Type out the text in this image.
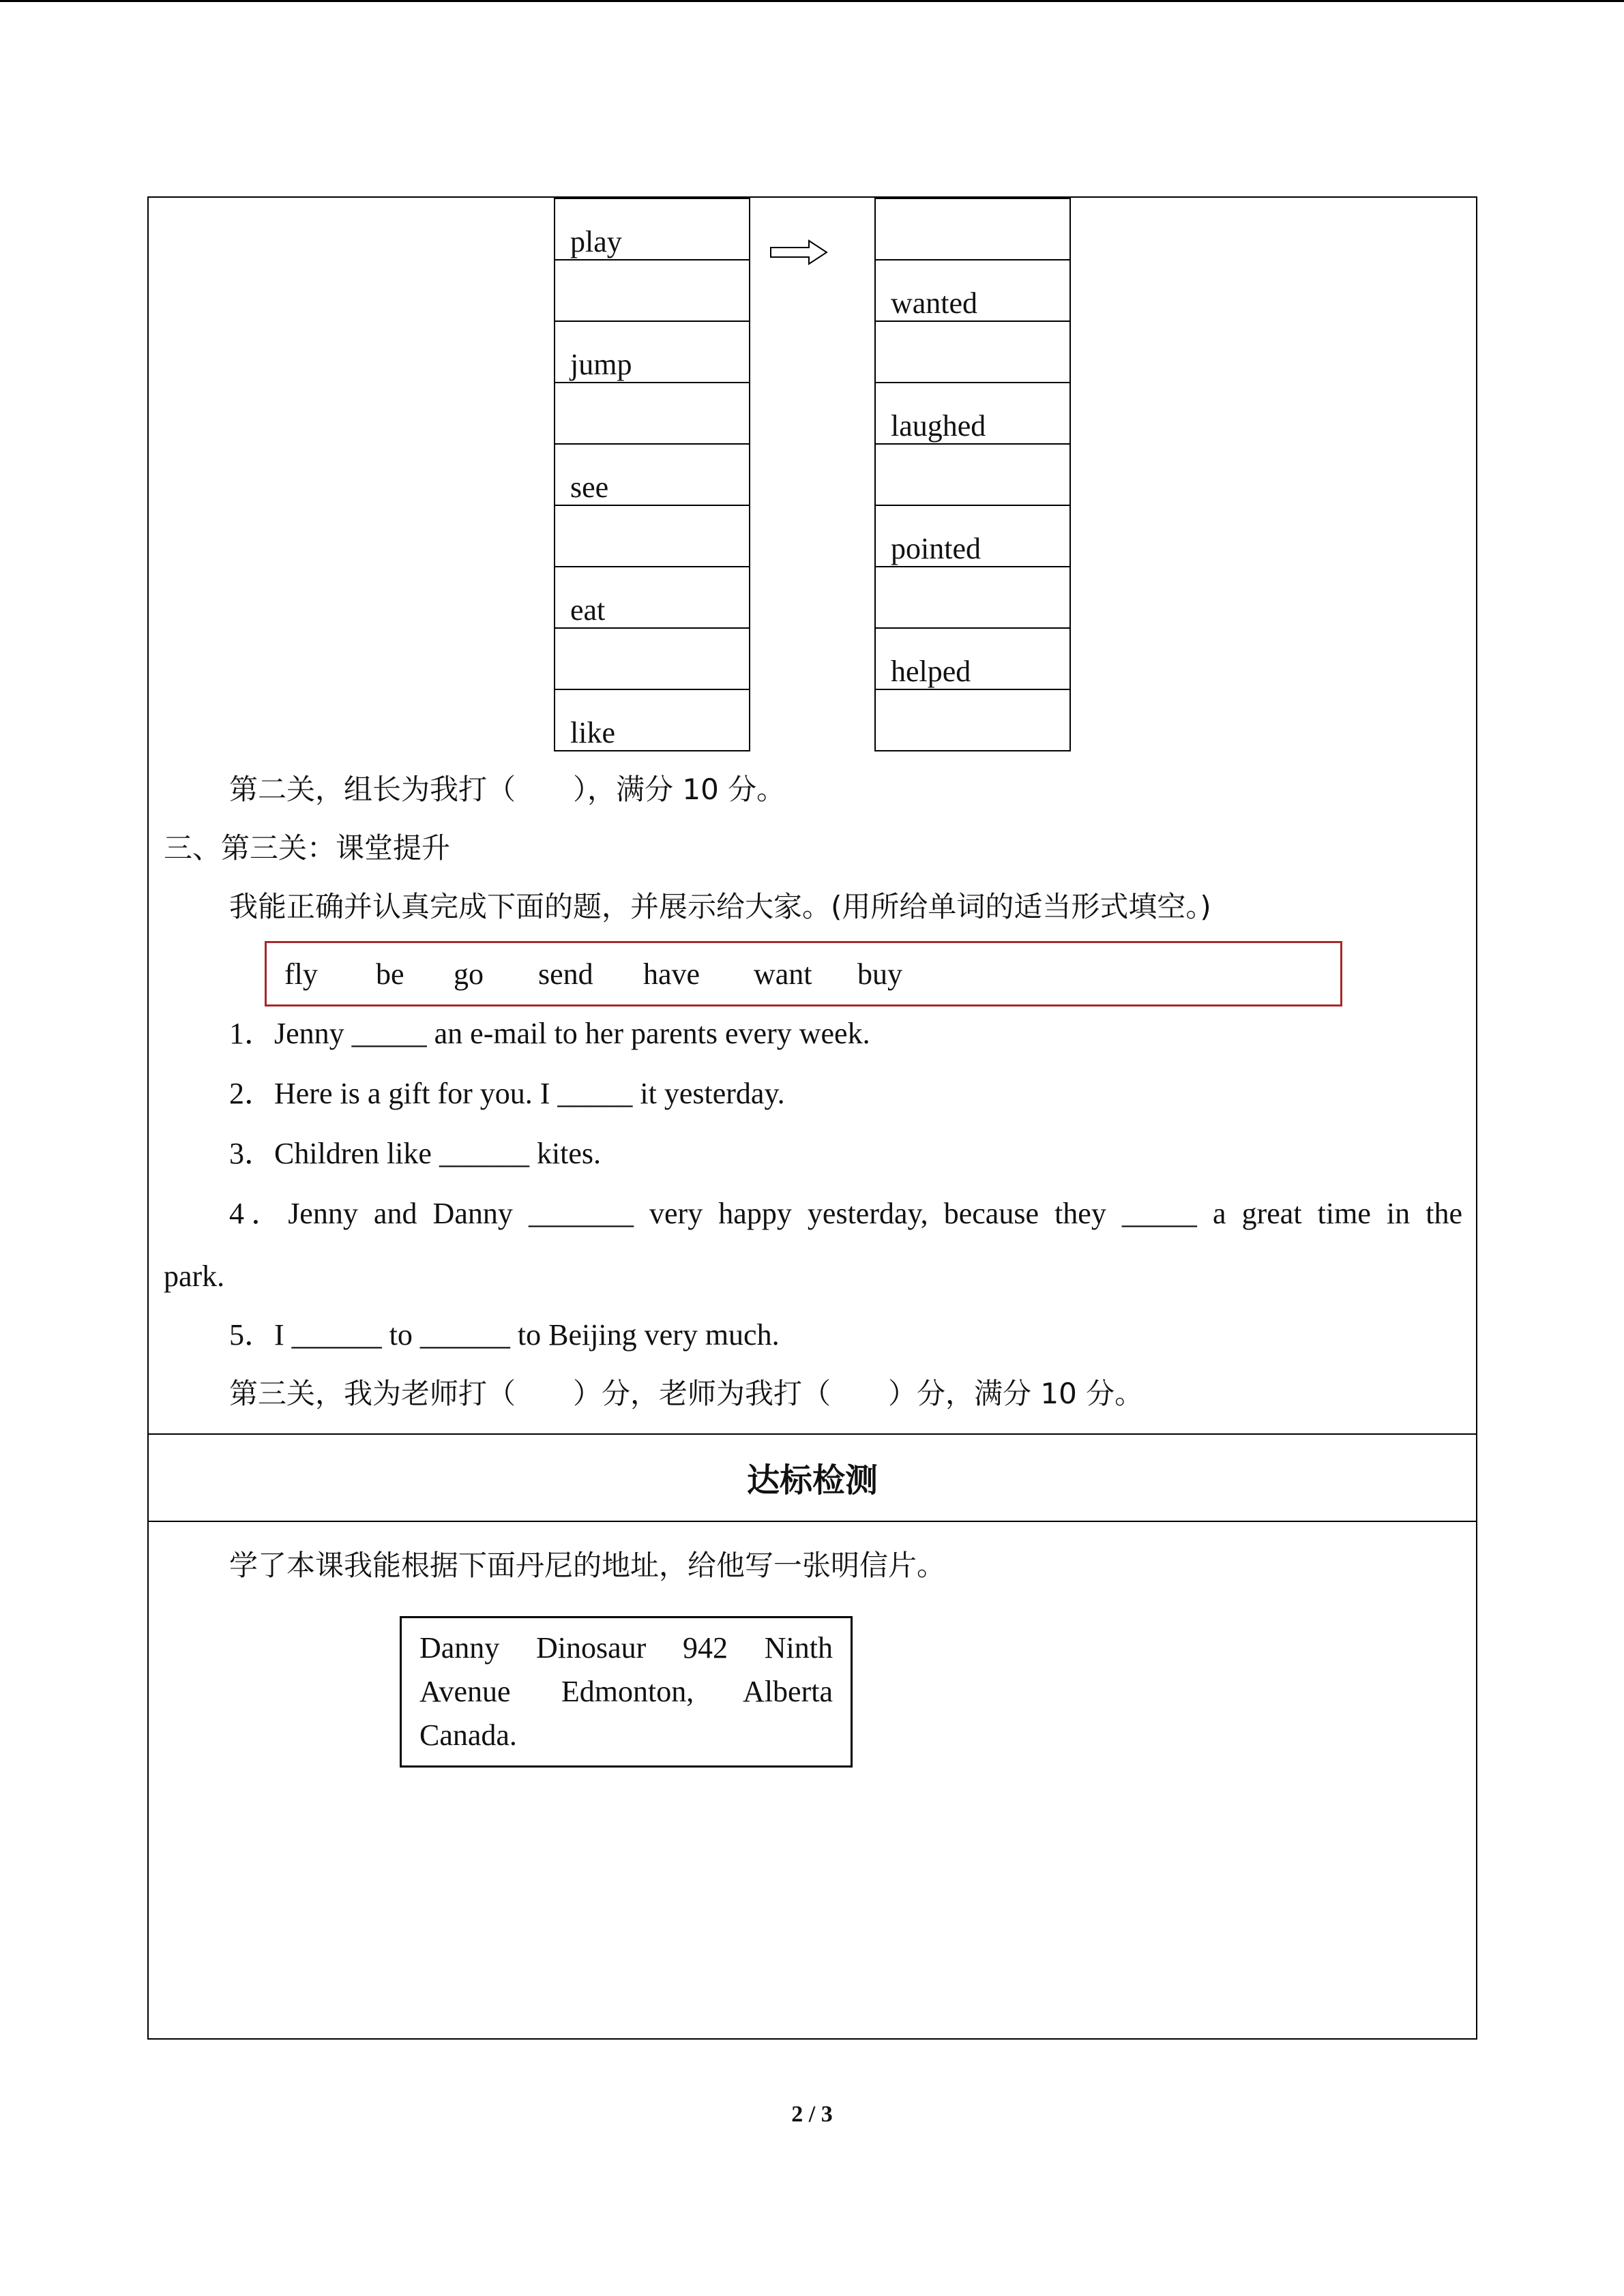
play
jump
see
eat
like
wanted
laughed
pointed
helped
第二关，组长为我打（　　），满分 10 分。
三、第三关：课堂提升
我能正确并认真完成下面的题，并展示给大家。(用所给单词的适当形式填空。)
fly be go send have want buy
1．Jenny _____ an e-mail to her parents every week.
2．Here is a gift for you. I _____ it yesterday.
3．Children like ______ kites.
4．Jenny and Danny _______ very happy yesterday, because they _____ a great time in the
park.
5．I ______ to ______ to Beijing very much.
第三关，我为老师打（　　）分，老师为我打（　　）分，满分 10 分。
达标检测
学了本课我能根据下面丹尼的地址，给他写一张明信片。
Danny Dinosaur 942 Ninth
Avenue Edmonton, Alberta
Canada.
2 / 3
